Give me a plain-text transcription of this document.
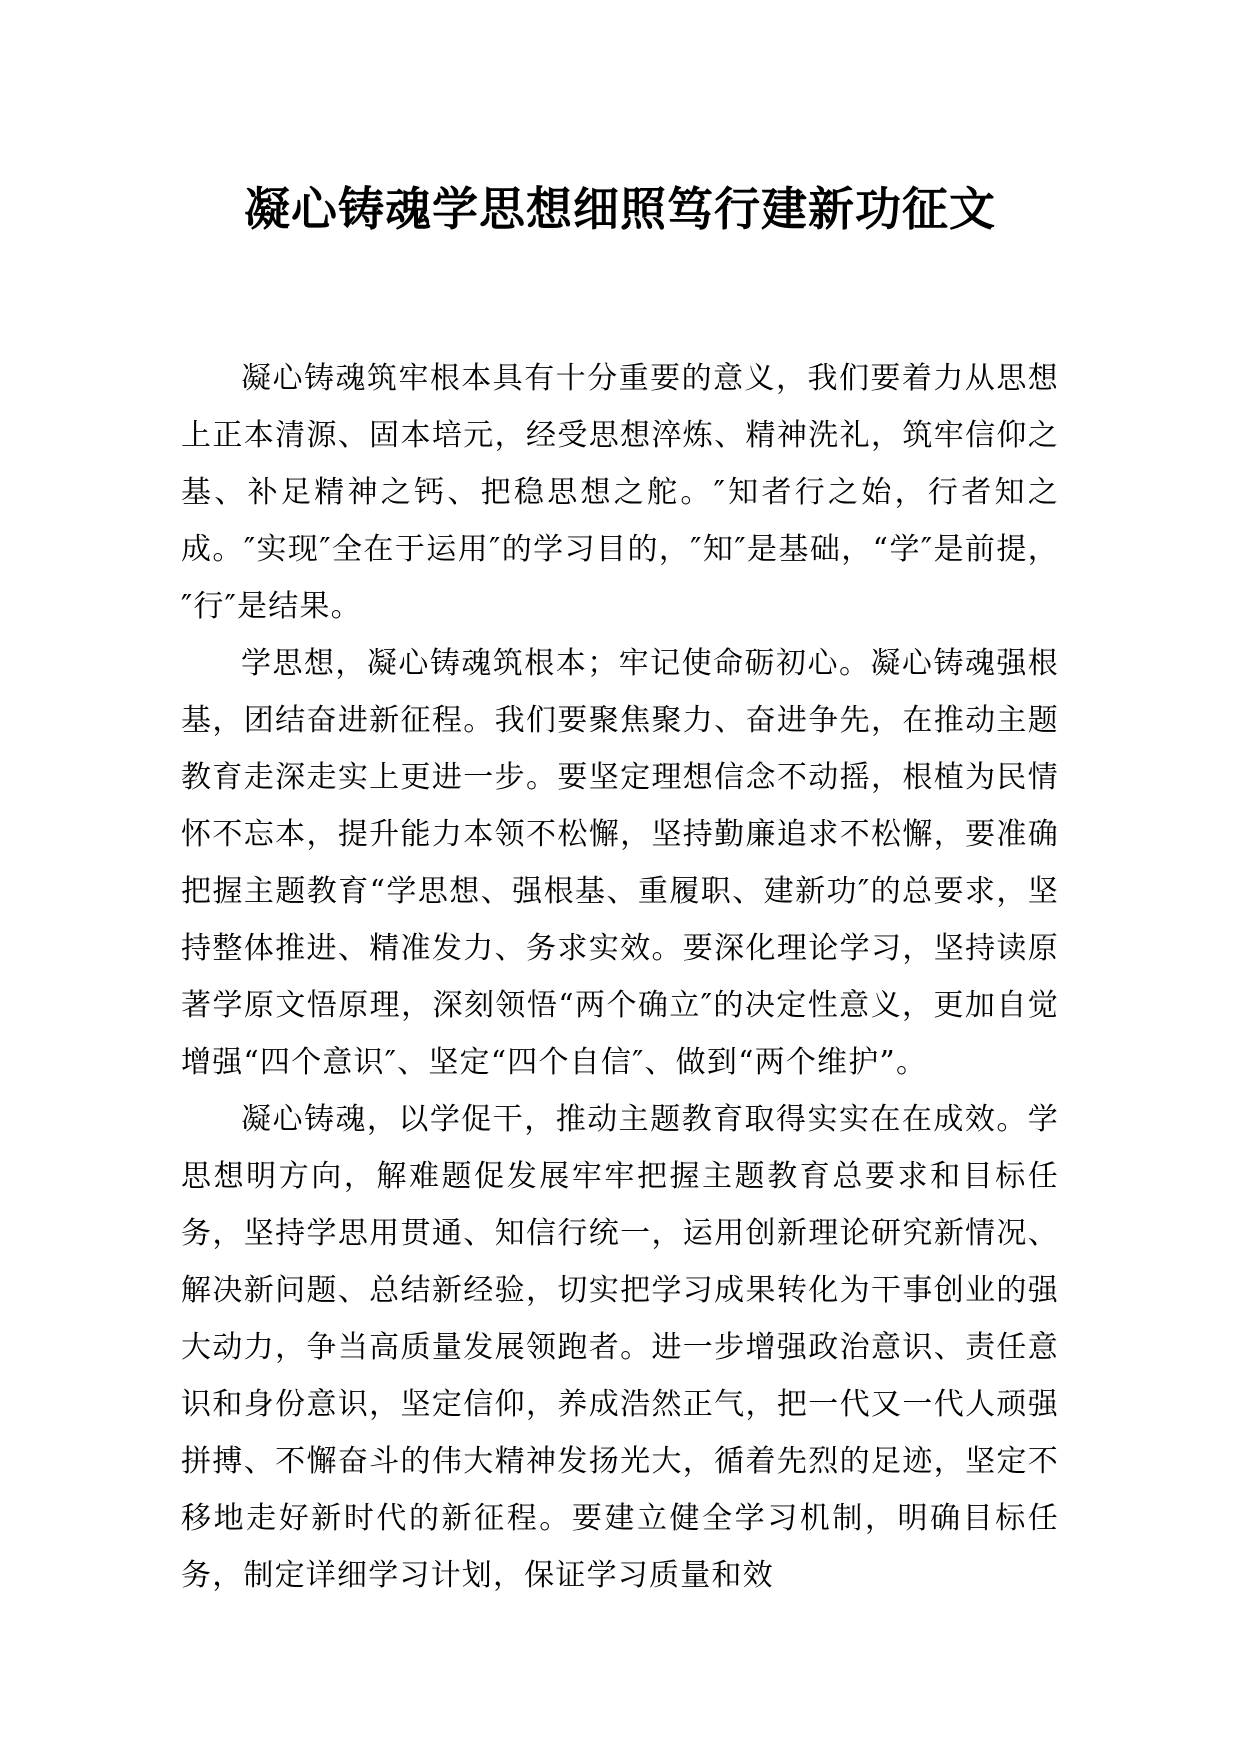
凝心铸魂学思想细照笃行建新功征文

凝心铸魂筑牢根本具有十分重要的意义，我们要着力从思想上正本清源、固本培元，经受思想淬炼、精神洗礼，筑牢信仰之基、补足精神之钙、把稳思想之舵。″知者行之始，行者知之成。″实现″全在于运用″的学习目的，″知″是基础，“学″是前提，″行″是结果。

学思想，凝心铸魂筑根本；牢记使命砺初心。凝心铸魂强根基，团结奋进新征程。我们要聚焦聚力、奋进争先，在推动主题教育走深走实上更进一步。要坚定理想信念不动摇，根植为民情怀不忘本，提升能力本领不松懈，坚持勤廉追求不松懈，要准确把握主题教育“学思想、强根基、重履职、建新功″的总要求，坚持整体推进、精准发力、务求实效。要深化理论学习，坚持读原著学原文悟原理，深刻领悟“两个确立″的决定性意义，更加自觉增强“四个意识″、坚定“四个自信″、做到“两个维护”。

凝心铸魂，以学促干，推动主题教育取得实实在在成效。学思想明方向，解难题促发展牢牢把握主题教育总要求和目标任务，坚持学思用贯通、知信行统一，运用创新理论研究新情况、解决新问题、总结新经验，切实把学习成果转化为干事创业的强大动力，争当高质量发展领跑者。进一步增强政治意识、责任意识和身份意识，坚定信仰，养成浩然正气，把一代又一代人顽强拼搏、不懈奋斗的伟大精神发扬光大，循着先烈的足迹，坚定不移地走好新时代的新征程。要建立健全学习机制，明确目标任务，制定详细学习计划，保证学习质量和效
